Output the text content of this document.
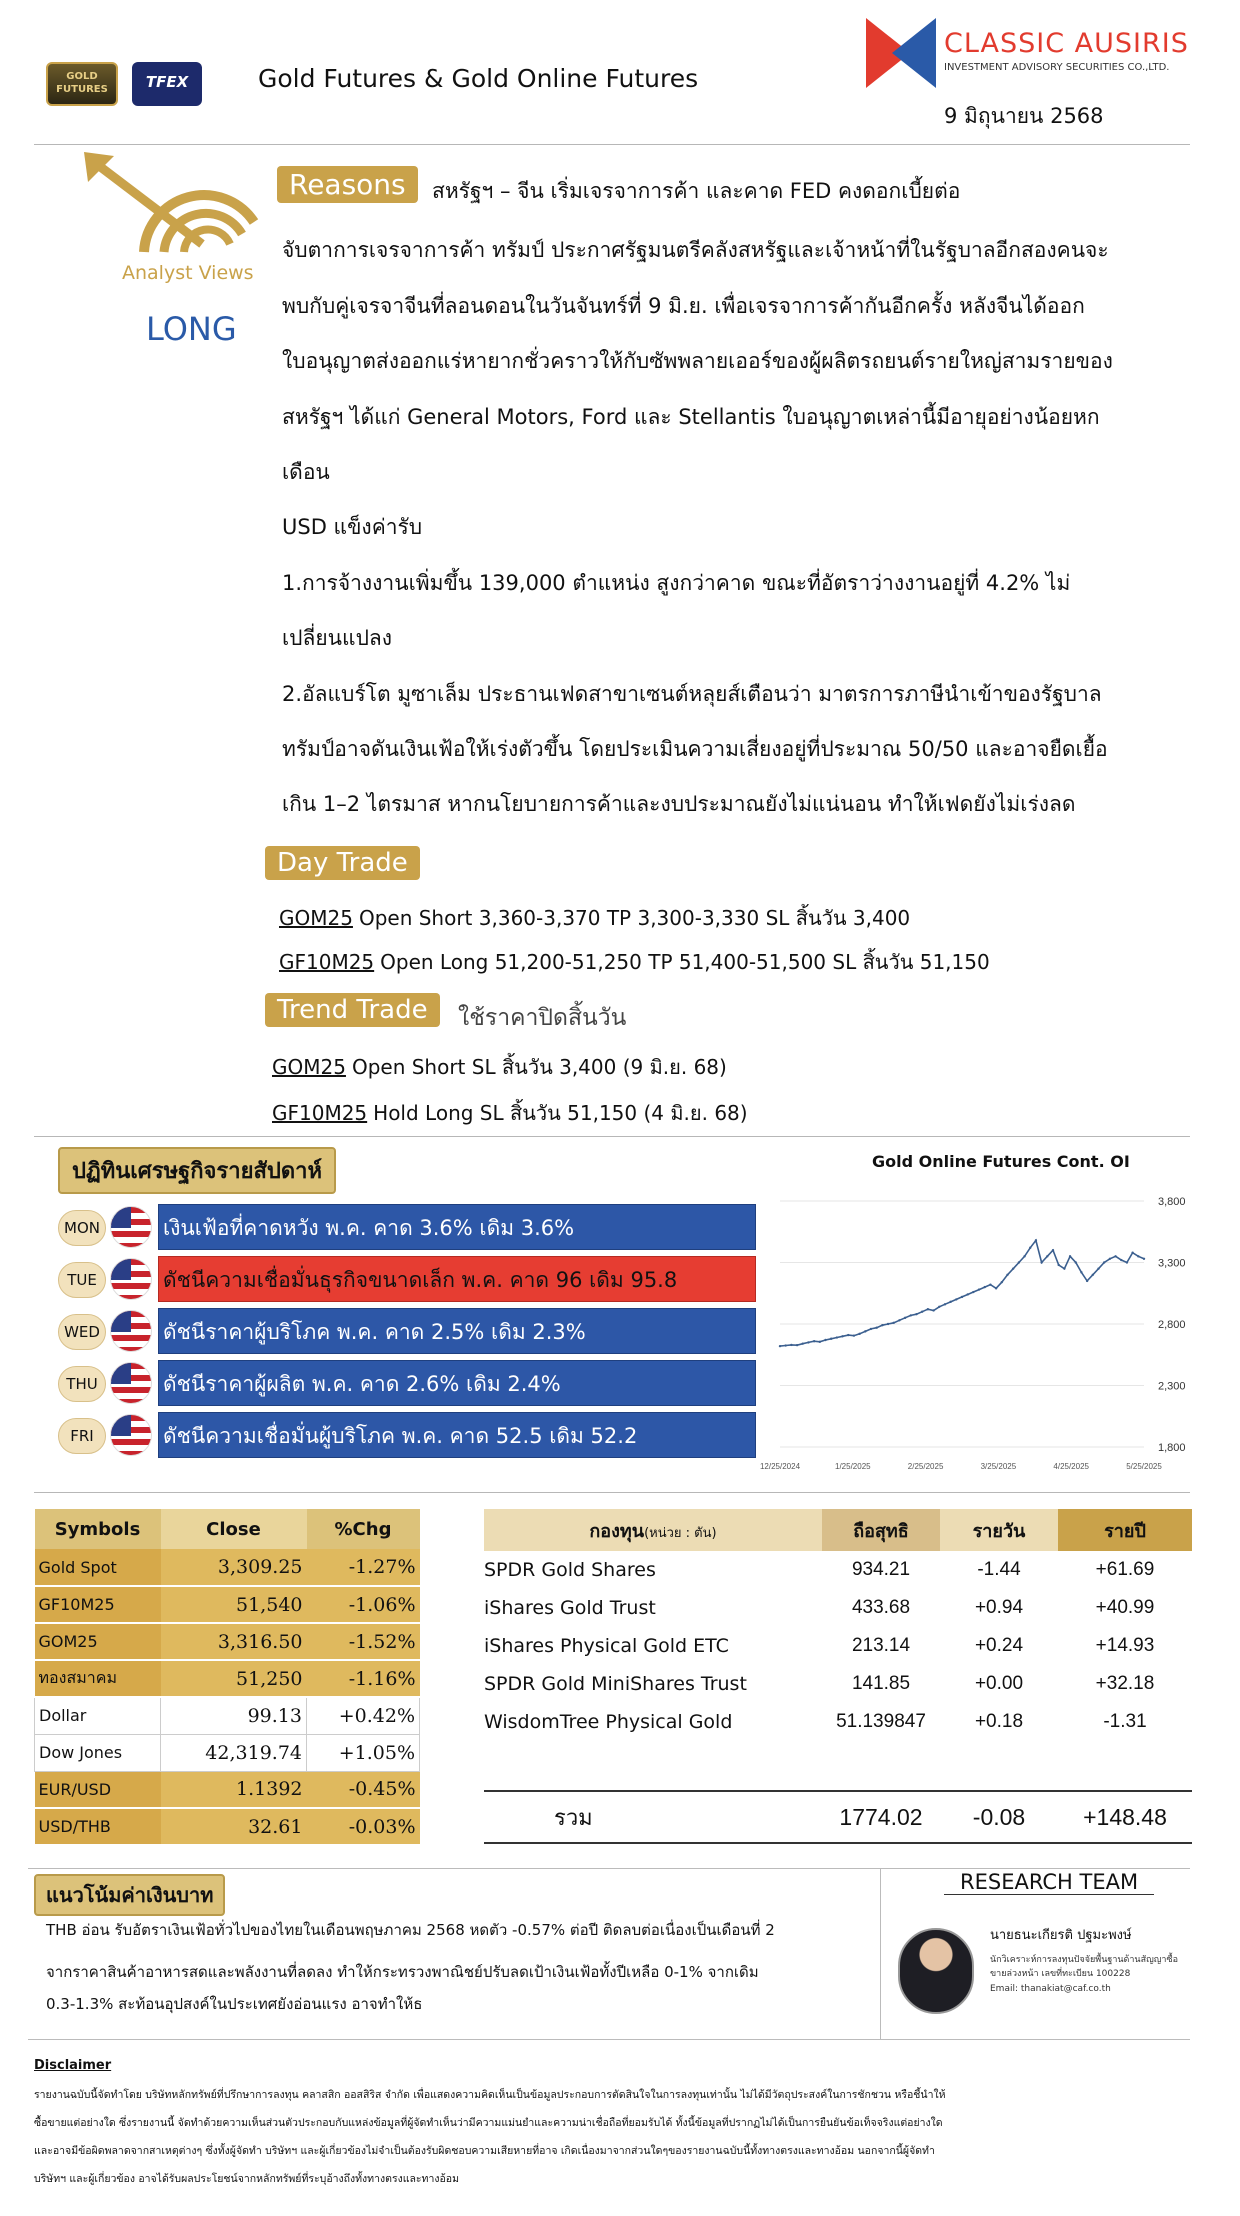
GOLD FUTURES	TFEX	Gold Futures & Gold Online Futures
CLASSIC AUSIRIS
INVESTMENT ADVISORY SECURITIES CO.,LTD.
9 มิถุนายน 2568
Analyst Views
LONG
Reasons	สหรัฐฯ – จีน เริ่มเจรจาการค้า และคาด FED คงดอกเบี้ยต่อ
จับตาการเจรจาการค้า ทรัมป์ ประกาศรัฐมนตรีคลังสหรัฐและเจ้าหน้าที่ในรัฐบาลอีกสองคนจะ
พบกับคู่เจรจาจีนที่ลอนดอนในวันจันทร์ที่ 9 มิ.ย. เพื่อเจรจาการค้ากันอีกครั้ง หลังจีนได้ออก
ใบอนุญาตส่งออกแร่หายากชั่วคราวให้กับซัพพลายเออร์ของผู้ผลิตรถยนต์รายใหญ่สามรายของ
สหรัฐฯ ได้แก่ General Motors, Ford และ Stellantis ใบอนุญาตเหล่านี้มีอายุอย่างน้อยหก
เดือน
USD แข็งค่ารับ
1.การจ้างงานเพิ่มขึ้น 139,000 ตำแหน่ง สูงกว่าคาด ขณะที่อัตราว่างงานอยู่ที่ 4.2% ไม่
เปลี่ยนแปลง
2.อัลแบร์โต มูซาเล็ม ประธานเฟดสาขาเซนต์หลุยส์เตือนว่า มาตรการภาษีนำเข้าของรัฐบาล
ทรัมป์อาจดันเงินเฟ้อให้เร่งตัวขึ้น โดยประเมินความเสี่ยงอยู่ที่ประมาณ 50/50 และอาจยืดเยื้อ
เกิน 1–2 ไตรมาส หากนโยบายการค้าและงบประมาณยังไม่แน่นอน ทำให้เฟดยังไม่เร่งลด
Day Trade
GOM25 Open Short 3,360-3,370 TP 3,300-3,330 SL สิ้นวัน 3,400
GF10M25 Open Long 51,200-51,250 TP 51,400-51,500 SL สิ้นวัน 51,150
Trend Trade	ใช้ราคาปิดสิ้นวัน
GOM25 Open Short SL สิ้นวัน 3,400 (9 มิ.ย. 68)
GF10M25 Hold Long SL สิ้นวัน 51,150 (4 มิ.ย. 68)
ปฏิทินเศรษฐกิจรายสัปดาห์
MON	เงินเฟ้อที่คาดหวัง พ.ค. คาด 3.6% เดิม 3.6%
TUE	ดัชนีความเชื่อมั่นธุรกิจขนาดเล็ก พ.ค. คาด 96 เดิม 95.8
WED	ดัชนีราคาผู้บริโภค พ.ค. คาด 2.5% เดิม 2.3%
THU	ดัชนีราคาผู้ผลิต พ.ค. คาด 2.6% เดิม 2.4%
FRI	ดัชนีความเชื่อมั่นผู้บริโภค พ.ค. คาด 52.5 เดิม 52.2
Gold Online Futures Cont. OI
1,800
2,300
2,800
3,300
3,800
12/25/2024	1/25/2025	2/25/2025	3/25/2025	4/25/2025	5/25/2025
Symbols	Close	%Chg
Gold Spot	3,309.25	-1.27%
GF10M25	51,540	-1.06%
GOM25	3,316.50	-1.52%
ทองสมาคม	51,250	-1.16%
Dollar	99.13	+0.42%
Dow Jones	42,319.74	+1.05%
EUR/USD	1.1392	-0.45%
USD/THB	32.61	-0.03%
กองทุน(หน่วย : ตัน)	ถือสุทธิ	รายวัน	รายปี
SPDR Gold Shares	934.21	-1.44	+61.69
iShares Gold Trust	433.68	+0.94	+40.99
iShares Physical Gold ETC	213.14	+0.24	+14.93
SPDR Gold MiniShares Trust	141.85	+0.00	+32.18
WisdomTree Physical Gold	51.139847	+0.18	-1.31

รวม	1774.02	-0.08	+148.48
แนวโน้มค่าเงินบาท
THB อ่อน รับอัตราเงินเฟ้อทั่วไปของไทยในเดือนพฤษภาคม 2568 หดตัว -0.57% ต่อปี ติดลบต่อเนื่องเป็นเดือนที่ 2
จากราคาสินค้าอาหารสดและพลังงานที่ลดลง ทำให้กระทรวงพาณิชย์ปรับลดเป้าเงินเฟ้อทั้งปีเหลือ 0-1% จากเดิม
0.3-1.3% สะท้อนอุปสงค์ในประเทศยังอ่อนแรง อาจทำให้ธ
RESEARCH TEAM
นายธนะเกียรติ ปฐมะพงษ์
นักวิเคราะห์การลงทุนปัจจัยพื้นฐานด้านสัญญาซื้อ
ขายล่วงหน้า เลขที่ทะเบียน 100228
Email: thanakiat@caf.co.th
Disclaimer
รายงานฉบับนี้จัดทำโดย บริษัทหลักทรัพย์ที่ปรึกษาการลงทุน คลาสสิก ออสสิริส จำกัด เพื่อแสดงความคิดเห็นเป็นข้อมูลประกอบการตัดสินใจในการลงทุนเท่านั้น ไม่ได้มีวัตถุประสงค์ในการชักชวน หรือชี้นำให้
ซื้อขายแต่อย่างใด ซึ่งรายงานนี้ จัดทำด้วยความเห็นส่วนตัวประกอบกับแหล่งข้อมูลที่ผู้จัดทำเห็นว่ามีความแม่นยำและความน่าเชื่อถือที่ยอมรับได้ ทั้งนี้ข้อมูลที่ปรากฏไม่ได้เป็นการยืนยันข้อเท็จจริงแต่อย่างใด
และอาจมีข้อผิดพลาดจากสาเหตุต่างๆ ซึ่งทั้งผู้จัดทำ บริษัทฯ และผู้เกี่ยวข้องไม่จำเป็นต้องรับผิดชอบความเสียหายที่อาจ เกิดเนื่องมาจากส่วนใดๆของรายงานฉบับนี้ทั้งทางตรงและทางอ้อม นอกจากนี้ผู้จัดทำ
บริษัทฯ และผู้เกี่ยวข้อง อาจได้รับผลประโยชน์จากหลักทรัพย์ที่ระบุอ้างถึงทั้งทางตรงและทางอ้อม
